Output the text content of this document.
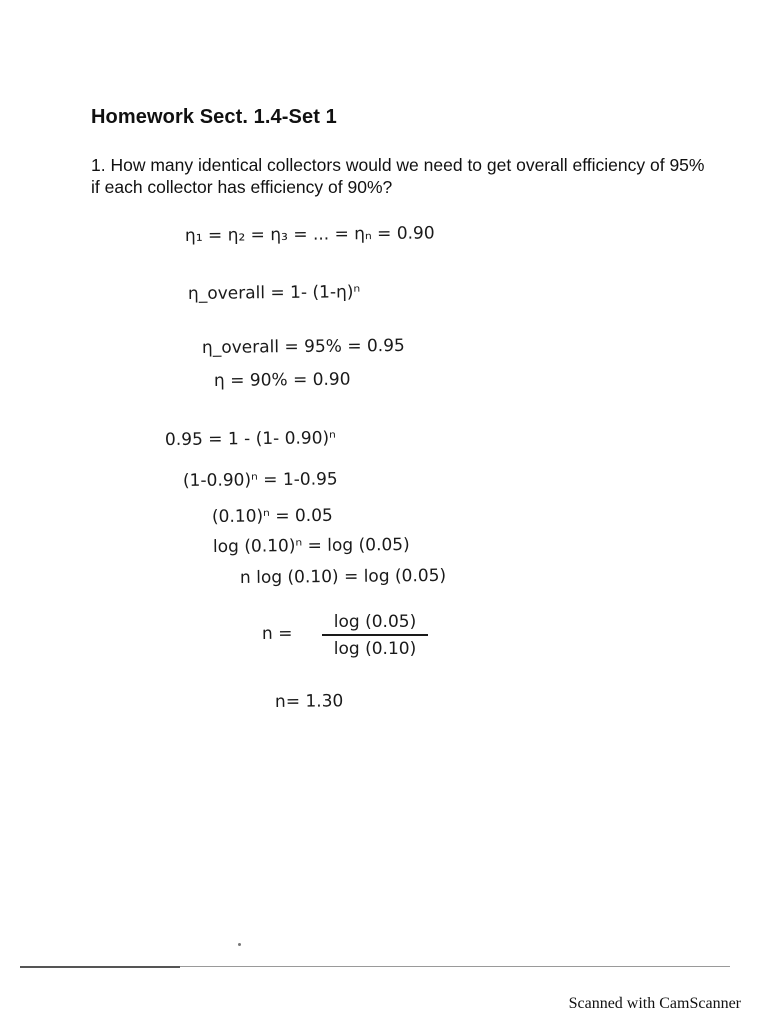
Homework Sect. 1.4-Set 1

1. How many identical collectors would we need to get overall efficiency of 95% if each collector has efficiency of 90%?

η₁ = η₂ = η₃ = ... = ηₙ = 0.90
η_overall = 1- (1-η)ⁿ
η_overall = 95% = 0.95
η = 90% = 0.90
0.95 = 1 - (1- 0.90)ⁿ
(1-0.90)ⁿ = 1-0.95
(0.10)ⁿ = 0.05
log (0.10)ⁿ = log (0.05)
n log (0.10) = log (0.05)
n =
log (0.05)
log (0.10)
n= 1.30

Scanned with CamScanner
